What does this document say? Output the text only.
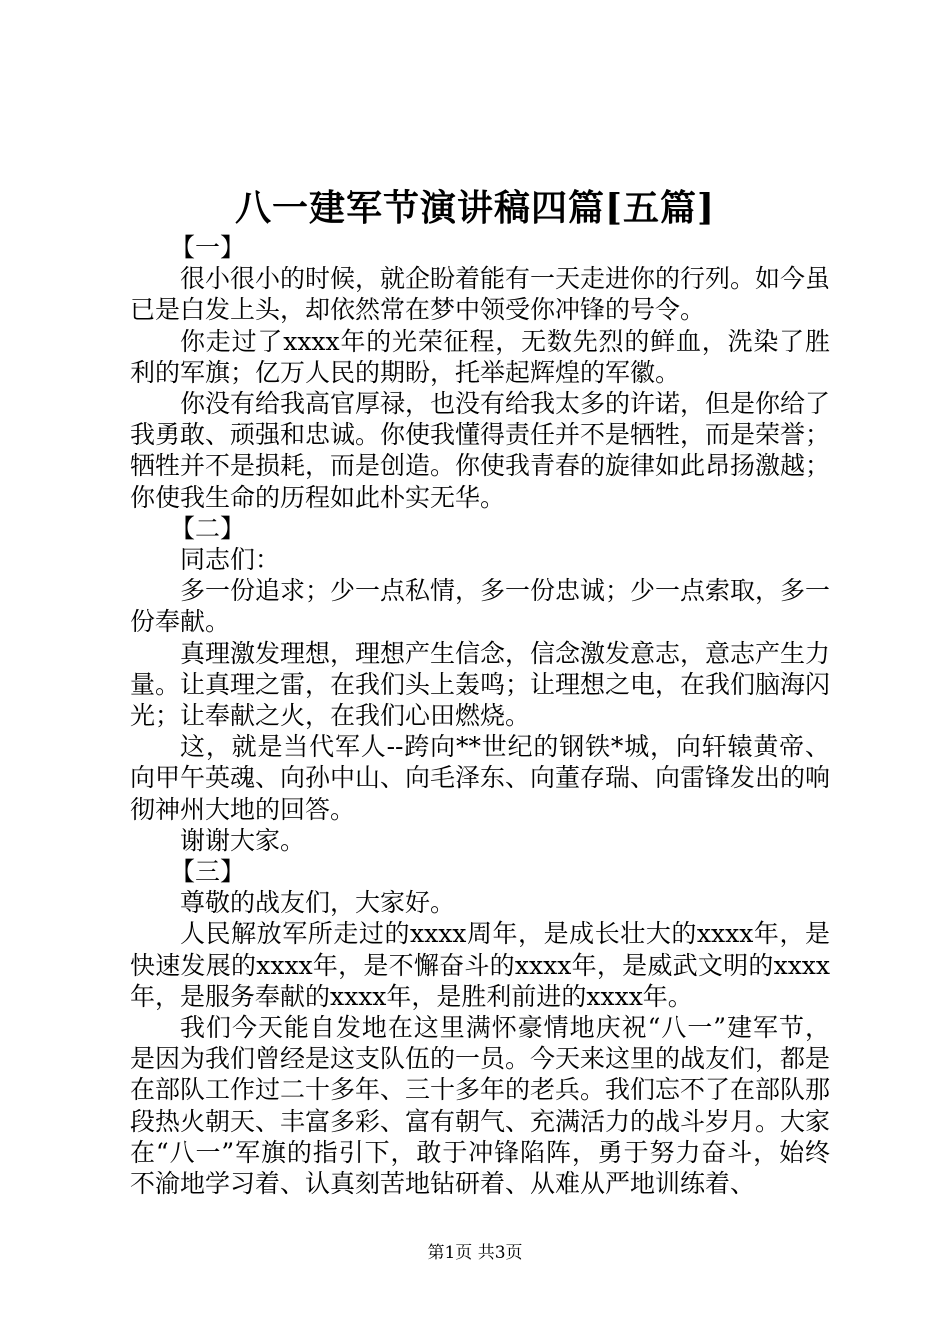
八一建军节演讲稿四篇[五篇]

【一】

很小很小的时候，就企盼着能有一天走进你的行列。如今虽已是白发上头，却依然常在梦中领受你冲锋的号令。

你走过了xxxx年的光荣征程，无数先烈的鲜血，洗染了胜利的军旗；亿万人民的期盼，托举起辉煌的军徽。

你没有给我高官厚禄，也没有给我太多的许诺，但是你给了我勇敢、顽强和忠诚。你使我懂得责任并不是牺牲，而是荣誉；牺牲并不是损耗，而是创造。你使我青春的旋律如此昂扬激越；你使我生命的历程如此朴实无华。

【二】

同志们：

多一份追求；少一点私情，多一份忠诚；少一点索取，多一份奉献。

真理激发理想，理想产生信念，信念激发意志，意志产生力量。让真理之雷，在我们头上轰鸣；让理想之电，在我们脑海闪光；让奉献之火，在我们心田燃烧。

这，就是当代军人--跨向**世纪的钢铁*城，向轩辕黄帝、向甲午英魂、向孙中山、向毛泽东、向董存瑞、向雷锋发出的响彻神州大地的回答。

谢谢大家。

【三】

尊敬的战友们，大家好。

人民解放军所走过的xxxx周年，是成长壮大的xxxx年，是快速发展的xxxx年，是不懈奋斗的xxxx年，是威武文明的xxxx年，是服务奉献的xxxx年，是胜利前进的xxxx年。

我们今天能自发地在这里满怀豪情地庆祝“八一”建军节，是因为我们曾经是这支队伍的一员。今天来这里的战友们，都是在部队工作过二十多年、三十多年的老兵。我们忘不了在部队那段热火朝天、丰富多彩、富有朝气、充满活力的战斗岁月。大家在“八一”军旗的指引下，敢于冲锋陷阵，勇于努力奋斗，始终不渝地学习着、认真刻苦地钻研着、从难从严地训练着、

第1页 共3页
